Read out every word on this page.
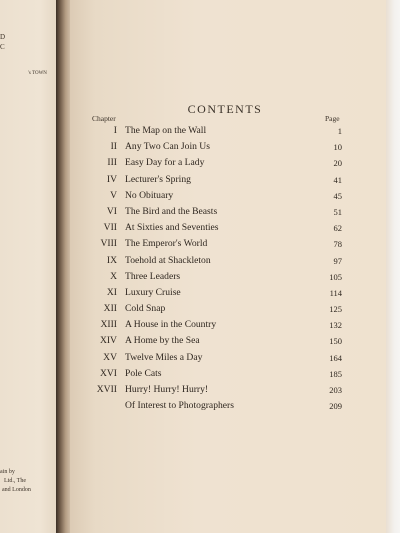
D
C
's TOWN
ain by
Ltd., The
and London
CONTENTS
Chapter	Page
I The Map on the Wall	1
II Any Two Can Join Us	10
III Easy Day for a Lady	20
IV Lecturer's Spring	41
V No Obituary	45
VI The Bird and the Beasts	51
VII At Sixties and Seventies	62
VIII The Emperor's World	78
IX Toehold at Shackleton	97
X Three Leaders	105
XI Luxury Cruise	114
XII Cold Snap	125
XIII A House in the Country	132
XIV A Home by the Sea	150
XV Twelve Miles a Day	164
XVI Pole Cats	185
XVII Hurry! Hurry! Hurry!	203
Of Interest to Photographers	209
